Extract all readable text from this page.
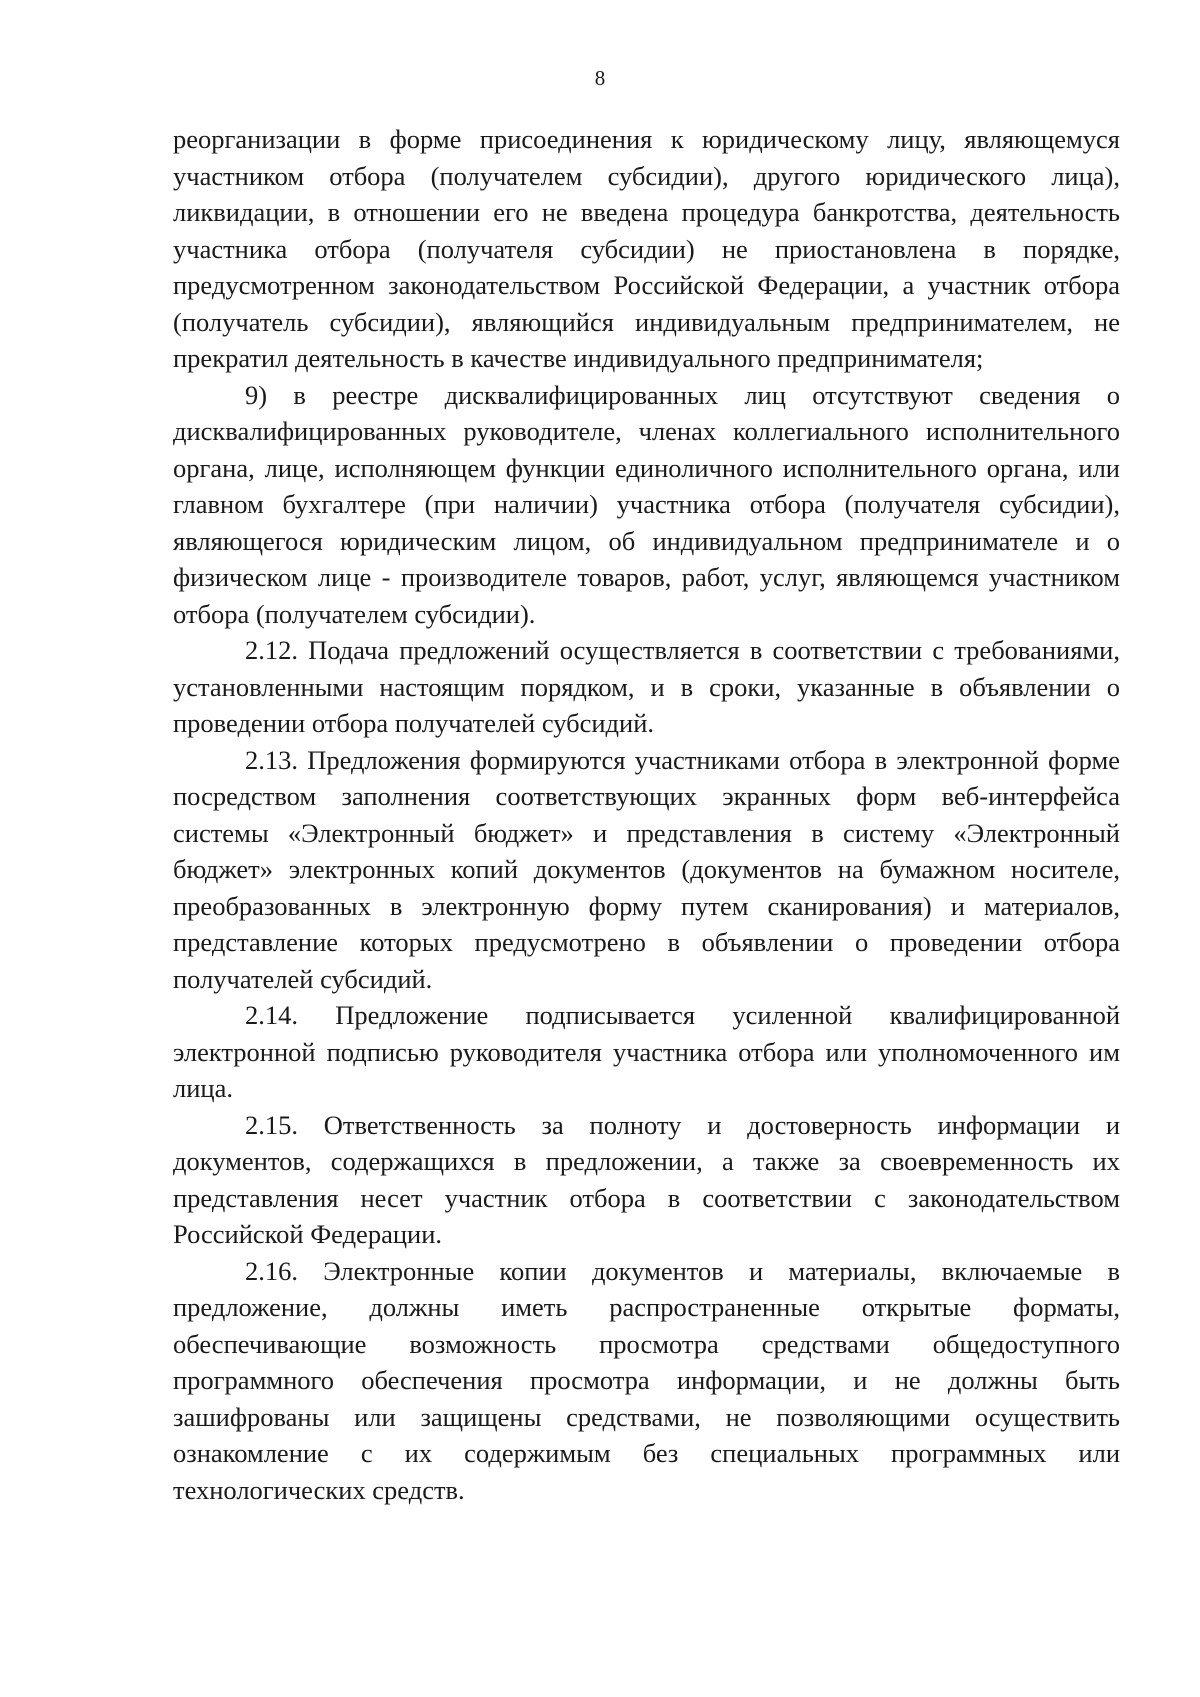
8

реорганизации в форме присоединения к юридическому лицу, являющемуся участником отбора (получателем субсидии), другого юридического лица), ликвидации, в отношении его не введена процедура банкротства, деятельность участника отбора (получателя субсидии) не приостановлена в порядке, предусмотренном законодательством Российской Федерации, а участник отбора (получатель субсидии), являющийся индивидуальным предпринимателем, не прекратил деятельность в качестве индивидуального предпринимателя;

9) в реестре дисквалифицированных лиц отсутствуют сведения о дисквалифицированных руководителе, членах коллегиального исполнительного органа, лице, исполняющем функции единоличного исполнительного органа, или главном бухгалтере (при наличии) участника отбора (получателя субсидии), являющегося юридическим лицом, об индивидуальном предпринимателе и о физическом лице - производителе товаров, работ, услуг, являющемся участником отбора (получателем субсидии).

2.12. Подача предложений осуществляется в соответствии с требованиями, установленными настоящим порядком, и в сроки, указанные в объявлении о проведении отбора получателей субсидий.

2.13. Предложения формируются участниками отбора в электронной форме посредством заполнения соответствующих экранных форм веб-интерфейса системы «Электронный бюджет» и представления в систему «Электронный бюджет» электронных копий документов (документов на бумажном носителе, преобразованных в электронную форму путем сканирования) и материалов, представление которых предусмотрено в объявлении о проведении отбора получателей субсидий.

2.14. Предложение подписывается усиленной квалифицированной электронной подписью руководителя участника отбора или уполномоченного им лица.

2.15. Ответственность за полноту и достоверность информации и документов, содержащихся в предложении, а также за своевременность их представления несет участник отбора в соответствии с законодательством Российской Федерации.

2.16. Электронные копии документов и материалы, включаемые в предложение, должны иметь распространенные открытые форматы, обеспечивающие возможность просмотра средствами общедоступного программного обеспечения просмотра информации, и не должны быть зашифрованы или защищены средствами, не позволяющими осуществить ознакомление с их содержимым без специальных программных или технологических средств.
